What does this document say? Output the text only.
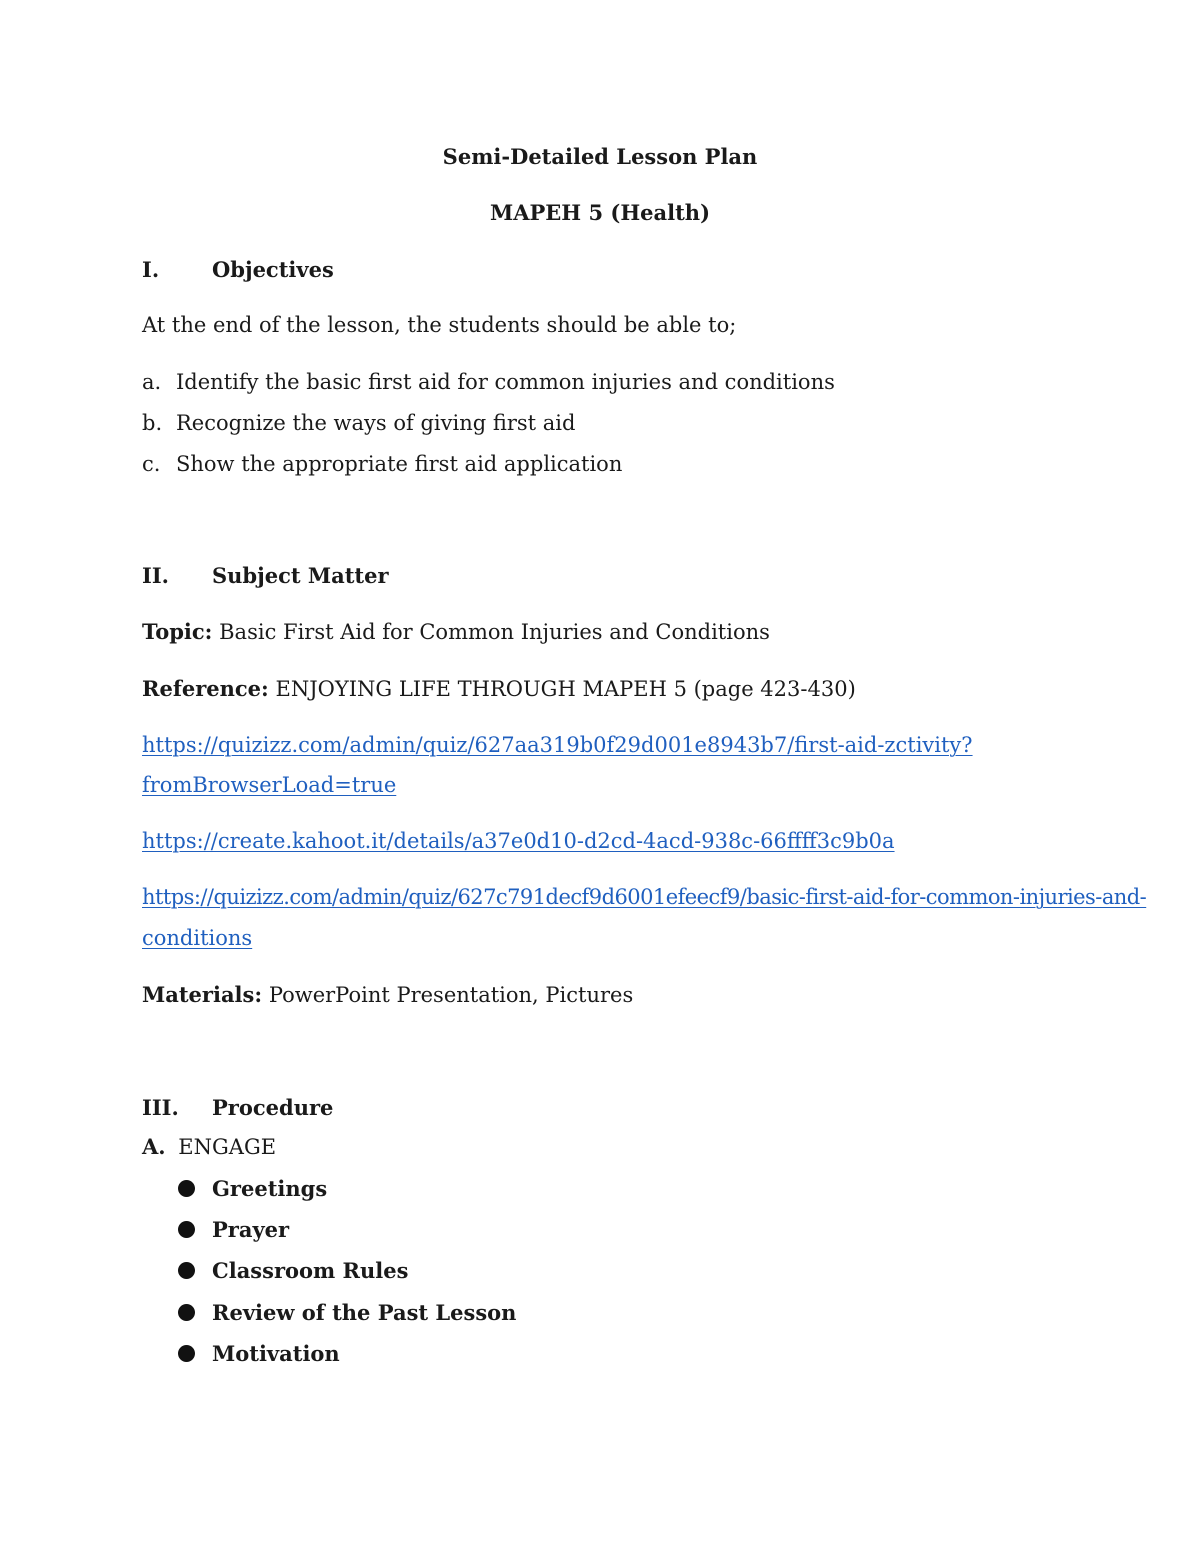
Semi-Detailed Lesson Plan
MAPEH 5 (Health)
I.	Objectives
At the end of the lesson, the students should be able to;
a. Identify the basic first aid for common injuries and conditions
b. Recognize the ways of giving first aid
c. Show the appropriate first aid application
II. Subject Matter
Topic: Basic First Aid for Common Injuries and Conditions
Reference: ENJOYING LIFE THROUGH MAPEH 5 (page 423-430)
https://quizizz.com/admin/quiz/627aa319b0f29d001e8943b7/first-aid-zctivity?
fromBrowserLoad=true
https://create.kahoot.it/details/a37e0d10-d2cd-4acd-938c-66ffff3c9b0a
https://quizizz.com/admin/quiz/627c791decf9d6001efeecf9/basic-first-aid-for-common-injuries-and-
conditions
Materials: PowerPoint Presentation, Pictures
III. Procedure
A. ENGAGE
Greetings
Prayer
Classroom Rules
Review of the Past Lesson
Motivation
